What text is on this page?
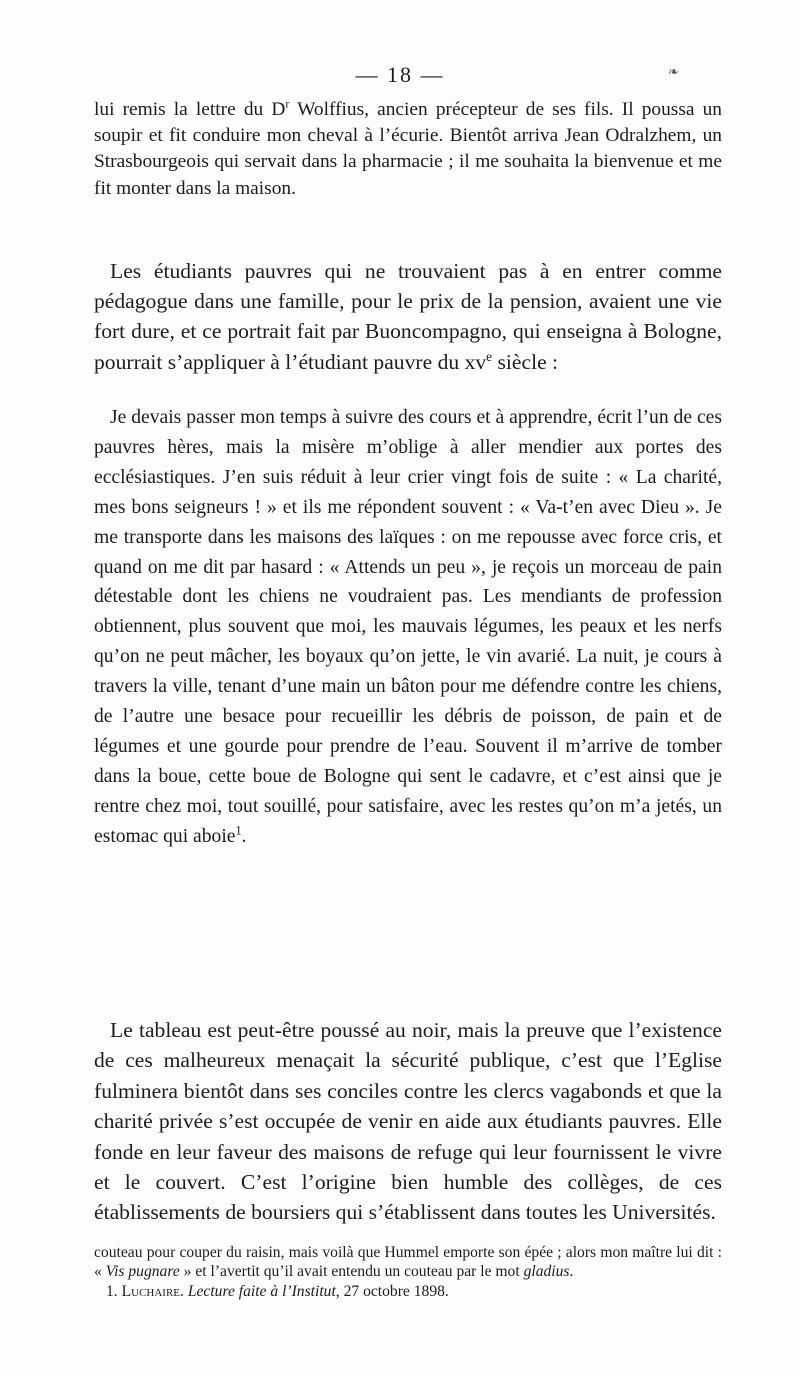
— 18 —	❧

lui remis la lettre du $D^r$ Wolffius, ancien précepteur de ses fils. Il poussa un soupir et fit conduire mon cheval à l’écurie. Bientôt arriva Jean Odralzhem, un Strasbourgeois qui servait dans la pharmacie ; il me souhaita la bienvenue et me fit monter dans la maison.

Les étudiants pauvres qui ne trouvaient pas à en entrer comme pédagogue dans une famille, pour le prix de la pension, avaient une vie fort dure, et ce portrait fait par Buoncompagno, qui enseigna à Bologne, pourrait s’appliquer à l’étudiant pauvre du $xv^e$ siècle :

Je devais passer mon temps à suivre des cours et à apprendre, écrit l’un de ces pauvres hères, mais la misère m’oblige à aller mendier aux portes des ecclésiastiques. J’en suis réduit à leur crier vingt fois de suite : « La charité, mes bons seigneurs ! » et ils me répondent souvent : « Va-t’en avec Dieu ». Je me transporte dans les maisons des laïques : on me repousse avec force cris, et quand on me dit par hasard : « Attends un peu », je reçois un morceau de pain détestable dont les chiens ne voudraient pas. Les mendiants de profession obtiennent, plus souvent que moi, les mauvais légumes, les peaux et les nerfs qu’on ne peut mâcher, les boyaux qu’on jette, le vin avarié. La nuit, je cours à travers la ville, tenant d’une main un bâton pour me défendre contre les chiens, de l’autre une besace pour recueillir les débris de poisson, de pain et de légumes et une gourde pour prendre de l’eau. Souvent il m’arrive de tomber dans la boue, cette boue de Bologne qui sent le cadavre, et c’est ainsi que je rentre chez moi, tout souillé, pour satisfaire, avec les restes qu’on m’a jetés, un estomac qui aboie$^1$.

Le tableau est peut-être poussé au noir, mais la preuve que l’existence de ces malheureux menaçait la sécurité publique, c’est que l’Eglise fulminera bientôt dans ses conciles contre les clercs vagabonds et que la charité privée s’est occupée de venir en aide aux étudiants pauvres. Elle fonde en leur faveur des maisons de refuge qui leur fournissent le vivre et le couvert. C’est l’origine bien humble des collèges, de ces établissements de boursiers qui s’établissent dans toutes les Universités.

couteau pour couper du raisin, mais voilà que Hummel emporte son épée ; alors mon maître lui dit : « Vis pugnare » et l’avertit qu’il avait entendu un couteau par le mot gladius.

1. Luchaire. Lecture faite à l’Institut, 27 octobre 1898.
